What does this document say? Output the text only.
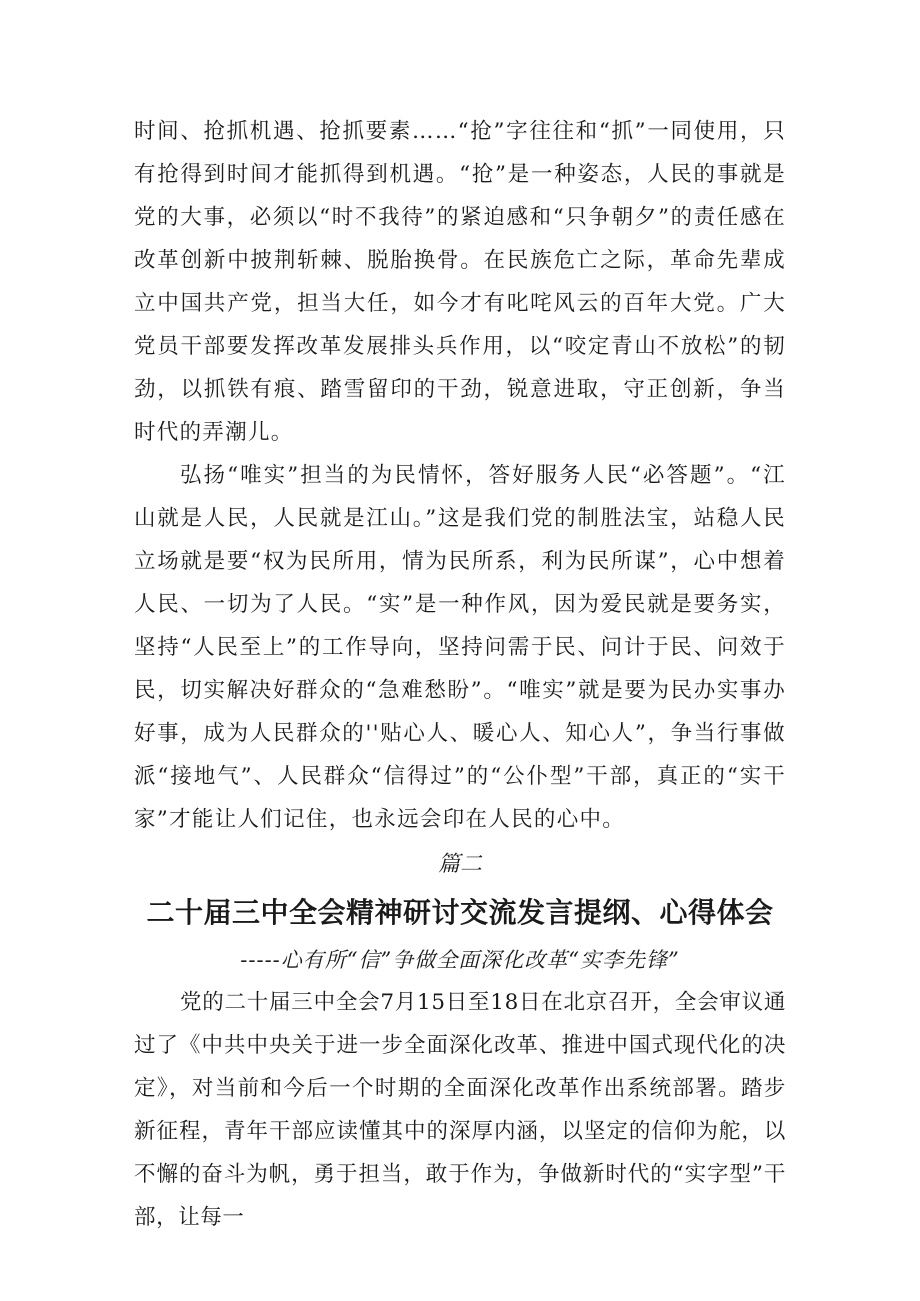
时间、抢抓机遇、抢抓要素……“抢”字往往和“抓”一同使用，只有抢得到时间才能抓得到机遇。“抢”是一种姿态，人民的事就是党的大事，必须以“时不我待”的紧迫感和“只争朝夕”的责任感在改革创新中披荆斩棘、脱胎换骨。在民族危亡之际，革命先辈成立中国共产党，担当大任，如今才有叱咤风云的百年大党。广大党员干部要发挥改革发展排头兵作用，以“咬定青山不放松”的韧劲，以抓铁有痕、踏雪留印的干劲，锐意进取，守正创新，争当时代的弄潮儿。

弘扬“唯实”担当的为民情怀，答好服务人民“必答题”。“江山就是人民，人民就是江山。”这是我们党的制胜法宝，站稳人民立场就是要“权为民所用，情为民所系，利为民所谋”，心中想着人民、一切为了人民。“实”是一种作风，因为爱民就是要务实，坚持“人民至上”的工作导向，坚持问需于民、问计于民、问效于民，切实解决好群众的“急难愁盼”。“唯实”就是要为民办实事办好事，成为人民群众的''贴心人、暖心人、知心人”，争当行事做派“接地气”、人民群众“信得过”的“公仆型”干部，真正的“实干家”才能让人们记住，也永远会印在人民的心中。

篇二

二十届三中全会精神研讨交流发言提纲、心得体会

-----心有所“信”争做全面深化改革“实李先锋”

党的二十届三中全会7月15日至18日在北京召开，全会审议通过了《中共中央关于进一步全面深化改革、推进中国式现代化的决定》，对当前和今后一个时期的全面深化改革作出系统部署。踏步新征程，青年干部应读懂其中的深厚内涵，以坚定的信仰为舵，以不懈的奋斗为帆，勇于担当，敢于作为，争做新时代的“实字型”干部，让每一
